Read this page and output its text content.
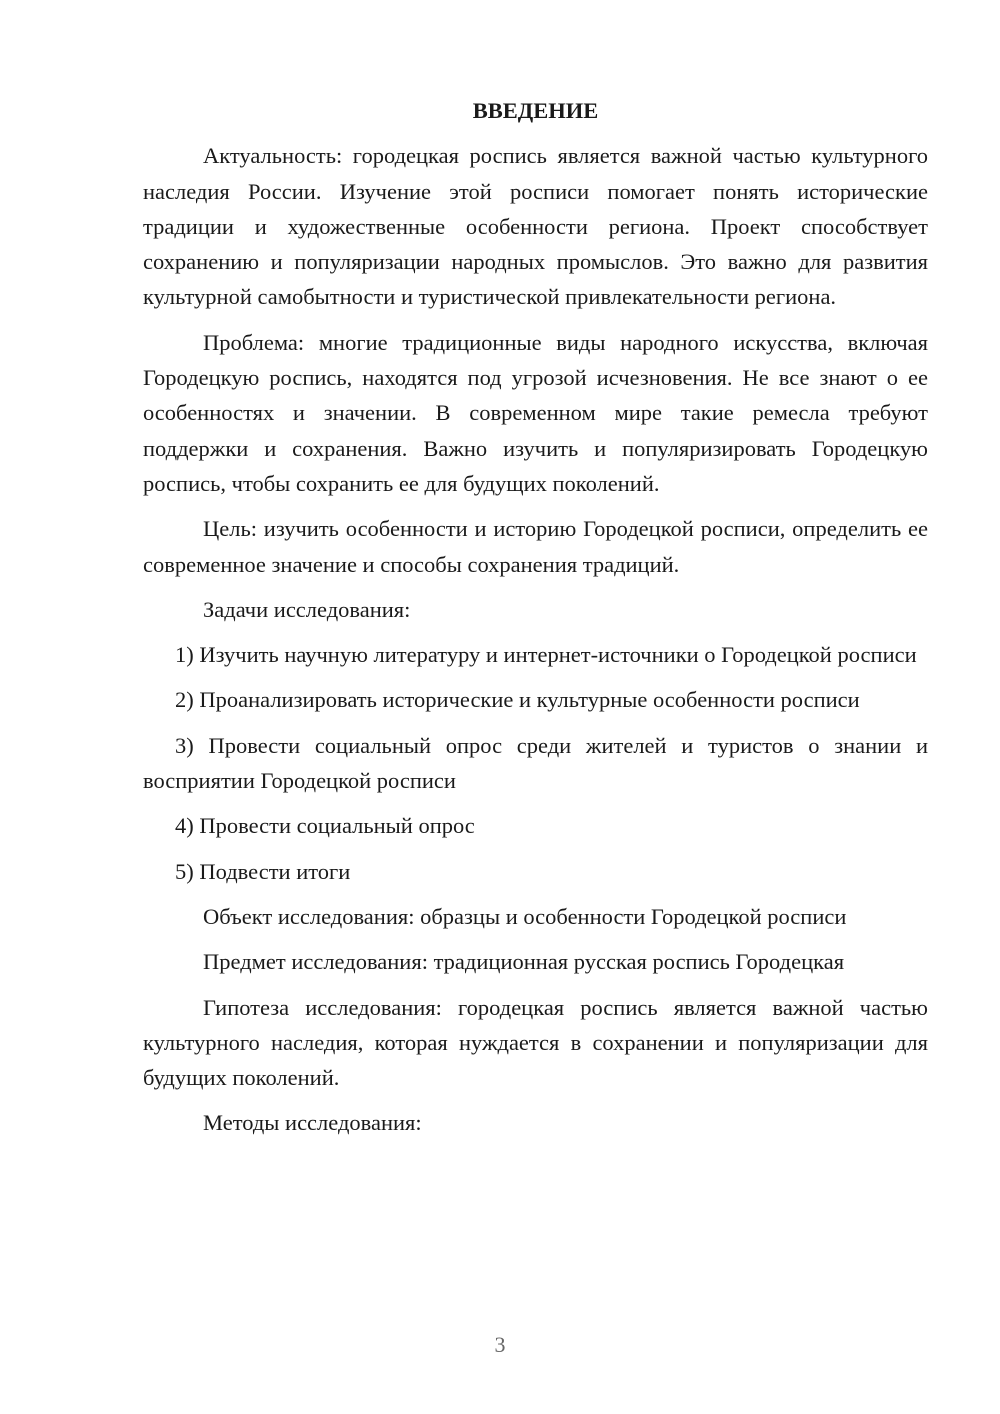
ВВЕДЕНИЕ

Актуальность: городецкая роспись является важной частью культурного наследия России. Изучение этой росписи помогает понять исторические традиции и художественные особенности региона. Проект способствует сохранению и популяризации народных промыслов. Это важно для развития культурной самобытности и туристической привлекательности региона.

Проблема: многие традиционные виды народного искусства, включая Городецкую роспись, находятся под угрозой исчезновения. Не все знают о ее особенностях и значении. В современном мире такие ремесла требуют поддержки и сохранения. Важно изучить и популяризировать Городецкую роспись, чтобы сохранить ее для будущих поколений.

Цель: изучить особенности и историю Городецкой росписи, определить ее современное значение и способы сохранения традиций.

Задачи исследования:

1) Изучить научную литературу и интернет-источники о Городецкой росписи

2) Проанализировать исторические и культурные особенности росписи

3) Провести социальный опрос среди жителей и туристов о знании и восприятии Городецкой росписи

4) Провести социальный опрос

5) Подвести итоги

Объект исследования: образцы и особенности Городецкой росписи

Предмет исследования: традиционная русская роспись Городецкая

Гипотеза исследования: городецкая роспись является важной частью культурного наследия, которая нуждается в сохранении и популяризации для будущих поколений.

Методы исследования:

3
